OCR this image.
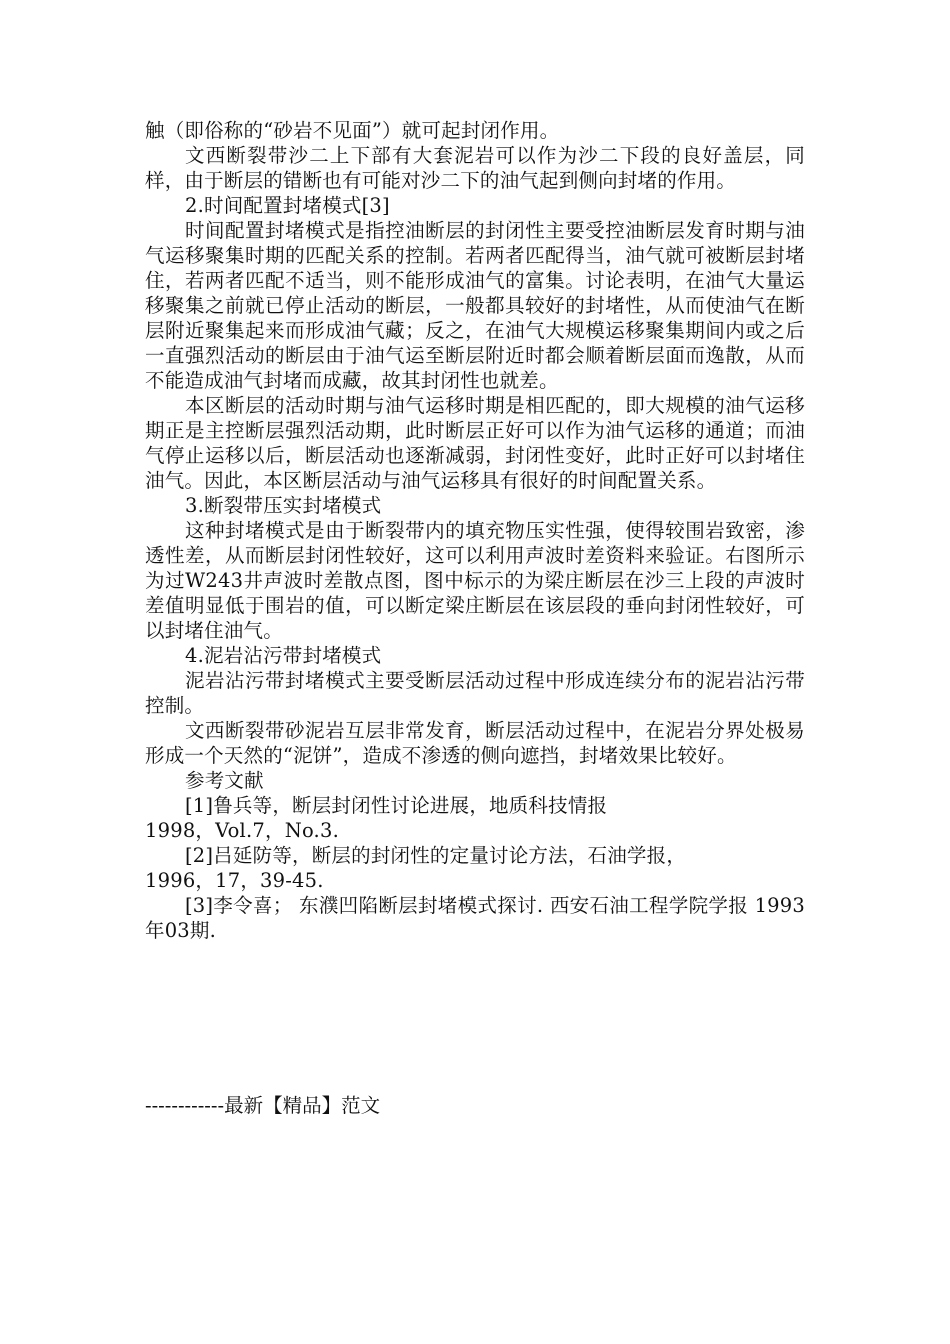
触（即俗称的“砂岩不见面”）就可起封闭作用。

文西断裂带沙二上下部有大套泥岩可以作为沙二下段的良好盖层，同样，由于断层的错断也有可能对沙二下的油气起到侧向封堵的作用。

2.时间配置封堵模式[3]

时间配置封堵模式是指控油断层的封闭性主要受控油断层发育时期与油气运移聚集时期的匹配关系的控制。若两者匹配得当，油气就可被断层封堵住，若两者匹配不适当，则不能形成油气的富集。讨论表明，在油气大量运移聚集之前就已停止活动的断层，一般都具较好的封堵性，从而使油气在断层附近聚集起来而形成油气藏；反之，在油气大规模运移聚集期间内或之后一直强烈活动的断层由于油气运至断层附近时都会顺着断层面而逸散，从而不能造成油气封堵而成藏，故其封闭性也就差。

本区断层的活动时期与油气运移时期是相匹配的，即大规模的油气运移期正是主控断层强烈活动期，此时断层正好可以作为油气运移的通道；而油气停止运移以后，断层活动也逐渐减弱，封闭性变好，此时正好可以封堵住油气。因此，本区断层活动与油气运移具有很好的时间配置关系。

3.断裂带压实封堵模式

这种封堵模式是由于断裂带内的填充物压实性强，使得较围岩致密，渗透性差，从而断层封闭性较好，这可以利用声波时差资料来验证。右图所示为过W243井声波时差散点图，图中标示的为梁庄断层在沙三上段的声波时差值明显低于围岩的值，可以断定梁庄断层在该层段的垂向封闭性较好，可以封堵住油气。

4.泥岩沾污带封堵模式

泥岩沾污带封堵模式主要受断层活动过程中形成连续分布的泥岩沾污带控制。

文西断裂带砂泥岩互层非常发育，断层活动过程中，在泥岩分界处极易形成一个天然的“泥饼”，造成不渗透的侧向遮挡，封堵效果比较好。

参考文献

[1]鲁兵等，断层封闭性讨论进展，地质科技情报

1998，Vol.7，No.3.

[2]吕延防等，断层的封闭性的定量讨论方法，石油学报，

1996，17，39-45.

[3]李令喜； 东濮凹陷断层封堵模式探讨. 西安石油工程学院学报 1993年03期.

------------最新【精品】范文
